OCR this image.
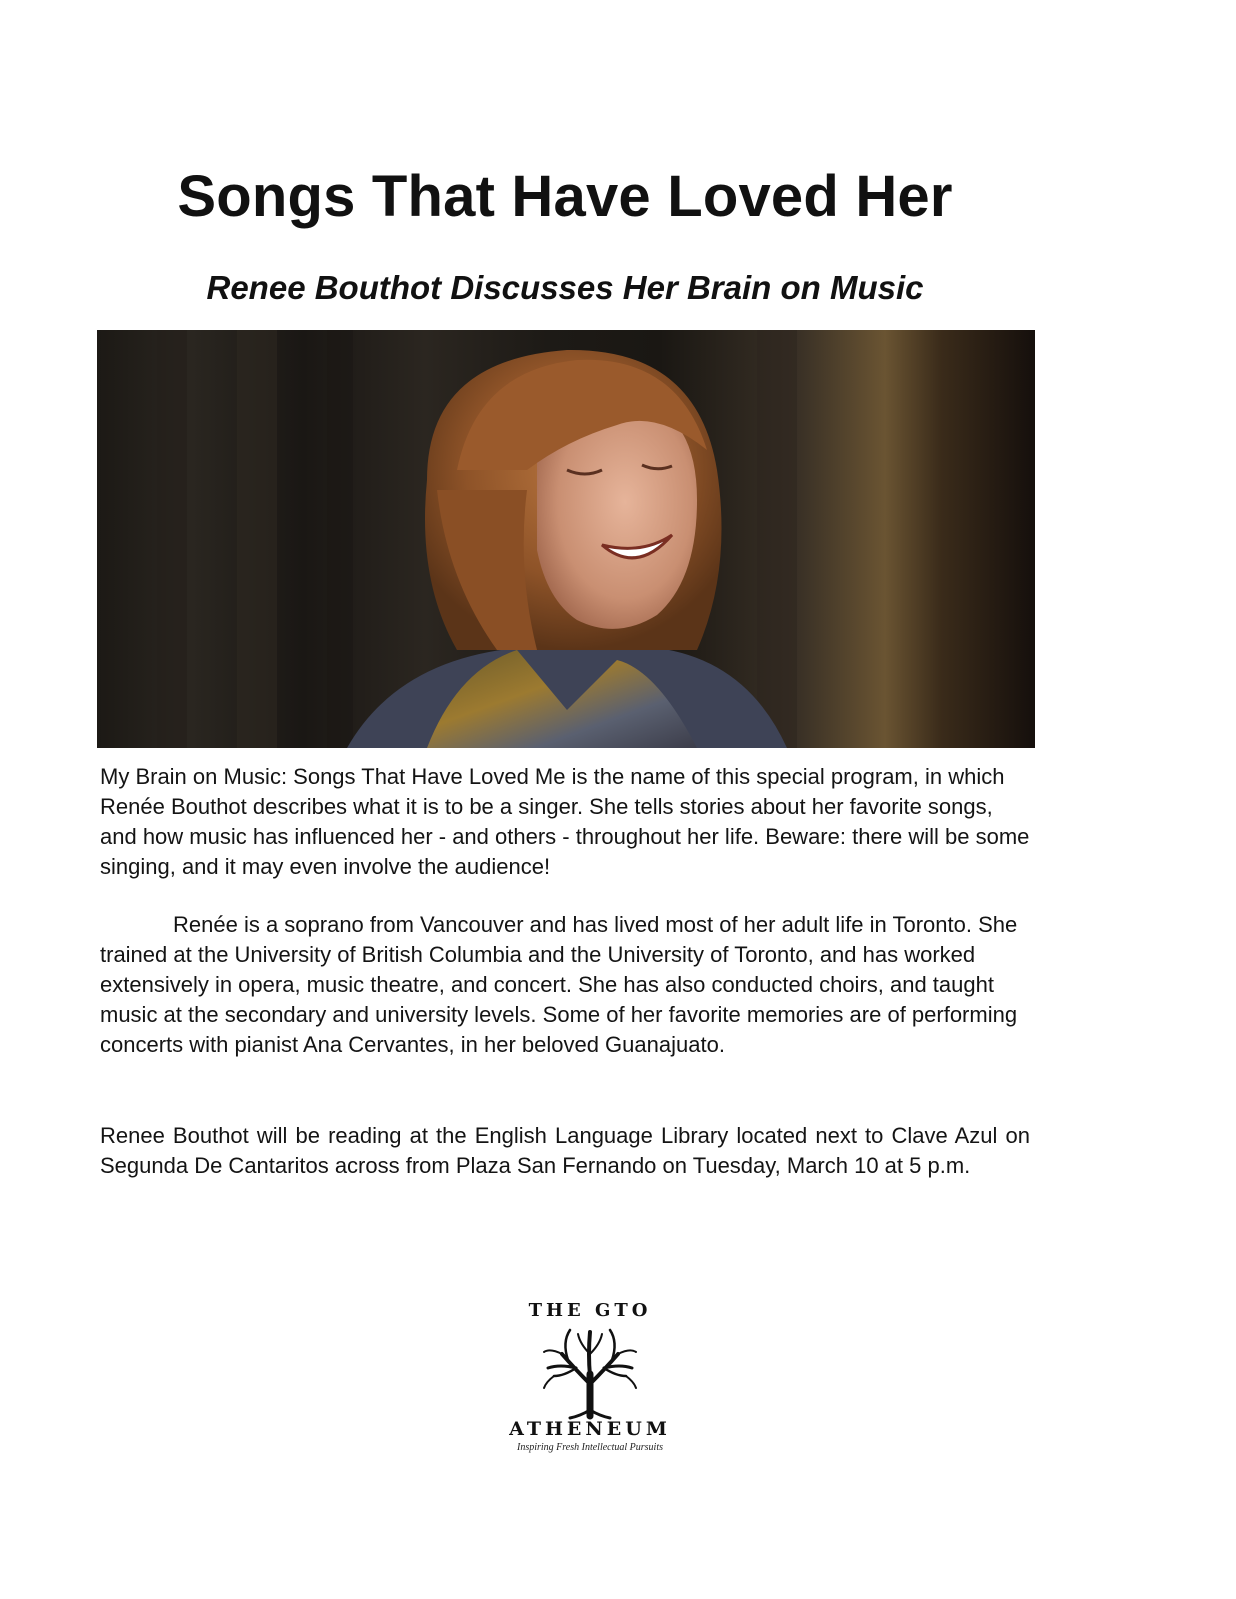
Songs That Have Loved Her
Renee Bouthot Discusses Her Brain on Music

My Brain on Music: Songs That Have Loved Me is the name of this special program, in which Renée Bouthot describes what it is to be a singer. She tells stories about her favorite songs, and how music has influenced her - and others - throughout her life. Beware: there will be some singing, and it may even involve the audience!

Renée is a soprano from Vancouver and has lived most of her adult life in Toronto. She trained at the University of British Columbia and the University of Toronto, and has worked extensively in opera, music theatre, and concert. She has also conducted choirs, and taught music at the secondary and university levels. Some of her favorite memories are of performing concerts with pianist Ana Cervantes, in her beloved Guanajuato.

Renee Bouthot will be reading at the English Language Library located next to Clave Azul on Segunda De Cantaritos across from Plaza San Fernando on Tuesday, March 10 at 5 p.m.

THE GTO
ATHENEUM
Inspiring Fresh Intellectual Pursuits
